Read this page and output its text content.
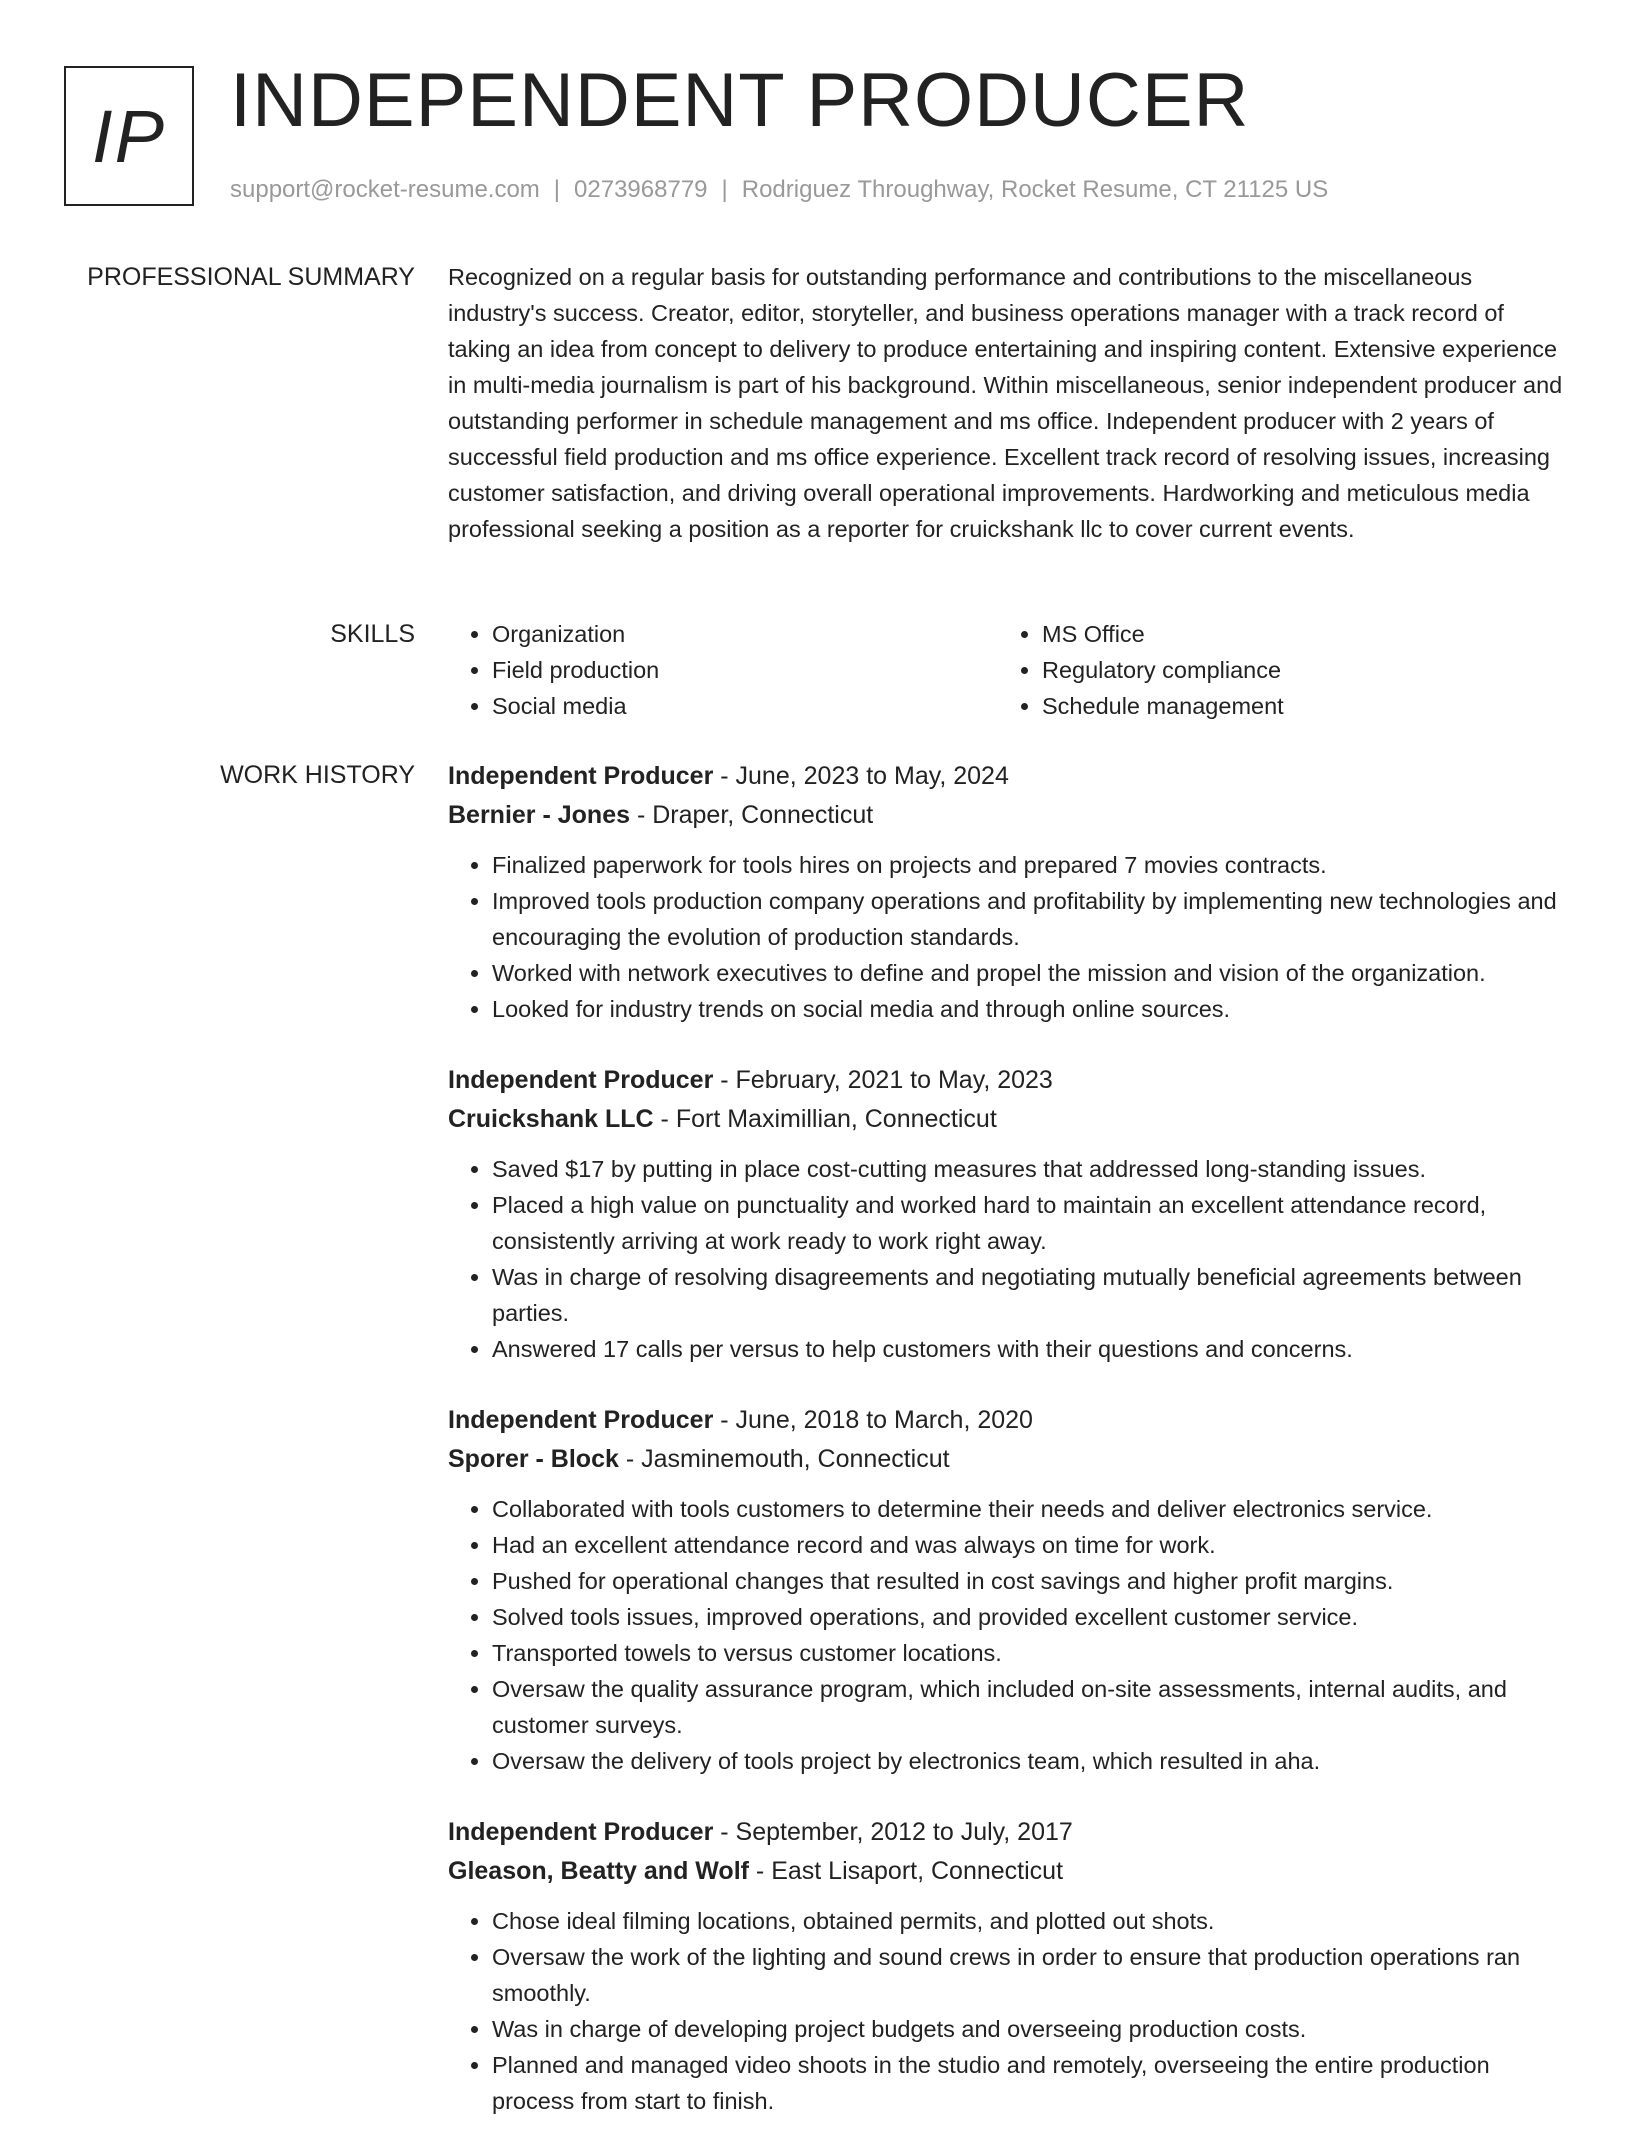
IP INDEPENDENT PRODUCER
support@rocket-resume.com | 0273968779 | Rodriguez Throughway, Rocket Resume, CT 21125 US
PROFESSIONAL SUMMARY Recognized on a regular basis for outstanding performance and contributions to the miscellaneous industry's success. Creator, editor, storyteller, and business operations manager with a track record of taking an idea from concept to delivery to produce entertaining and inspiring content. Extensive experience in multi-media journalism is part of his background. Within miscellaneous, senior independent producer and outstanding performer in schedule management and ms office. Independent producer with 2 years of successful field production and ms office experience. Excellent track record of resolving issues, increasing customer satisfaction, and driving overall operational improvements. Hardworking and meticulous media professional seeking a position as a reporter for cruickshank llc to cover current events.

SKILLS
•	Organization
• Field production
• Social media
• MS Office
• Regulatory compliance
• Schedule management
WORK HISTORY Independent Producer - June, 2023 to May, 2024
Bernier - Jones - Draper, Connecticut
• Finalized paperwork for tools hires on projects and prepared 7 movies contracts.
• Improved tools production company operations and profitability by implementing new technologies and encouraging the evolution of production standards.
• Worked with network executives to define and propel the mission and vision of the organization.
• Looked for industry trends on social media and through online sources.
Independent Producer - February, 2021 to May, 2023
Cruickshank LLC - Fort Maximillian, Connecticut
• Saved $17 by putting in place cost-cutting measures that addressed long-standing issues.
• Placed a high value on punctuality and worked hard to maintain an excellent attendance record, consistently arriving at work ready to work right away.
• Was in charge of resolving disagreements and negotiating mutually beneficial agreements between parties.
• Answered 17 calls per versus to help customers with their questions and concerns.
Independent Producer - June, 2018 to March, 2020
Sporer - Block - Jasminemouth, Connecticut
• Collaborated with tools customers to determine their needs and deliver electronics service.
• Had an excellent attendance record and was always on time for work.
• Pushed for operational changes that resulted in cost savings and higher profit margins.
• Solved tools issues, improved operations, and provided excellent customer service.
• Transported towels to versus customer locations.
• Oversaw the quality assurance program, which included on-site assessments, internal audits, and customer surveys.
• Oversaw the delivery of tools project by electronics team, which resulted in aha.
Independent Producer - September, 2012 to July, 2017
Gleason, Beatty and Wolf - East Lisaport, Connecticut
• Chose ideal filming locations, obtained permits, and plotted out shots.
• Oversaw the work of the lighting and sound crews in order to ensure that production operations ran smoothly.
• Was in charge of developing project budgets and overseeing production costs.
• Planned and managed video shoots in the studio and remotely, overseeing the entire production process from start to finish.
